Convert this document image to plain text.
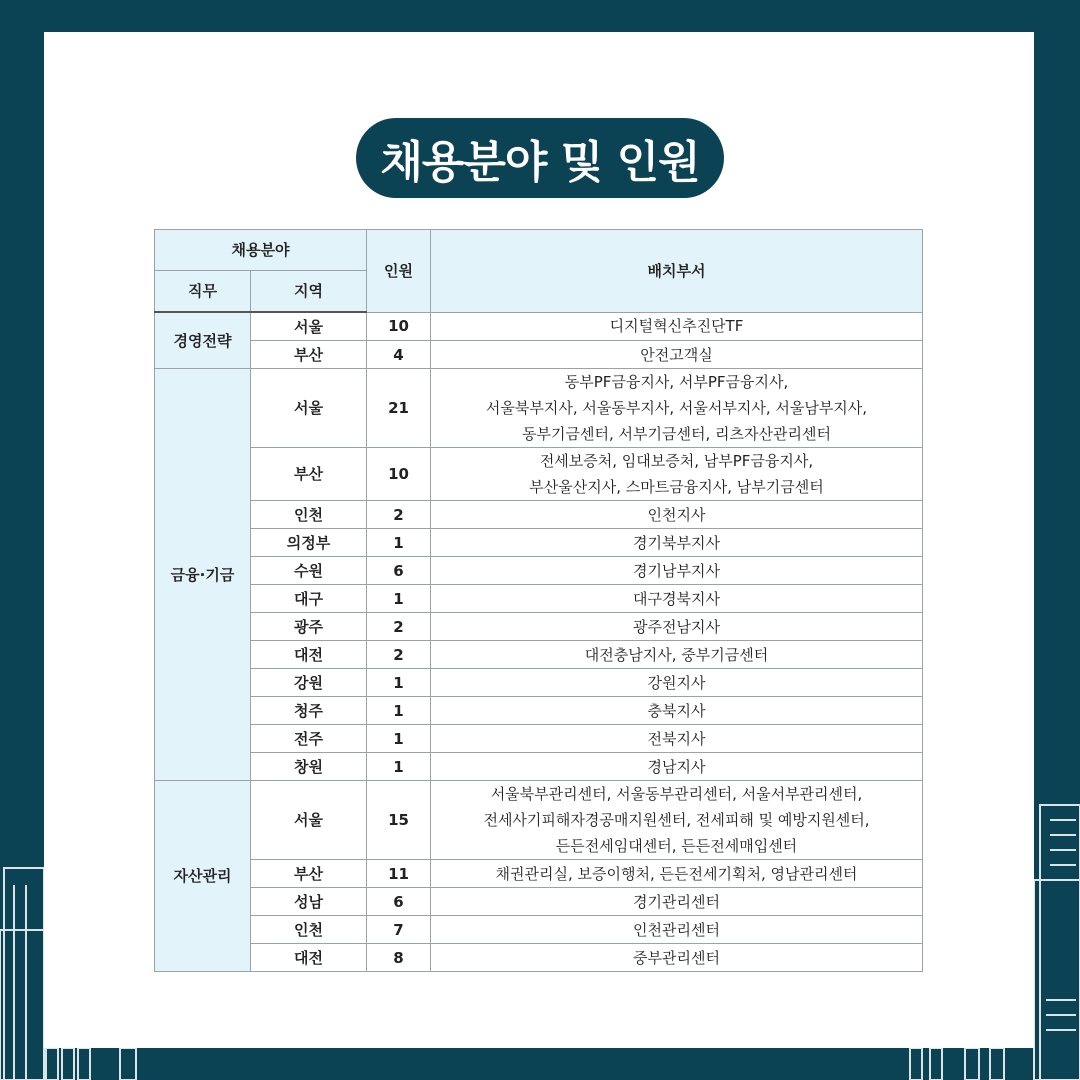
채용분야 및 인원
채용분야		인원	배치부서
직무	지역		
경영전략	서울	10	디지털혁신추진단TF

	부산	4	안전고객실

금융·기금	서울	21	동부PF금융지사, 서부PF금융지사,
서울북부지사, 서울동부지사, 서울서부지사, 서울남부지사,
동부기금센터, 서부기금센터, 리츠자산관리센터

	부산	10	전세보증처, 임대보증처, 남부PF금융지사,
부산울산지사, 스마트금융지사, 남부기금센터

	인천	2	인천지사

	의정부	1	경기북부지사

	수원	6	경기남부지사

	대구	1	대구경북지사

	광주	2	광주전남지사

	대전	2	대전충남지사, 중부기금센터

	강원	1	강원지사

	청주	1	충북지사

	전주	1	전북지사

	창원	1	경남지사

자산관리	서울	15	서울북부관리센터, 서울동부관리센터, 서울서부관리센터,
전세사기피해자경공매지원센터, 전세피해 및 예방지원센터,
든든전세임대센터, 든든전세매입센터

	부산	11	채권관리실, 보증이행처, 든든전세기획처, 영남관리센터

	성남	6	경기관리센터

	인천	7	인천관리센터

	대전	8	중부관리센터
